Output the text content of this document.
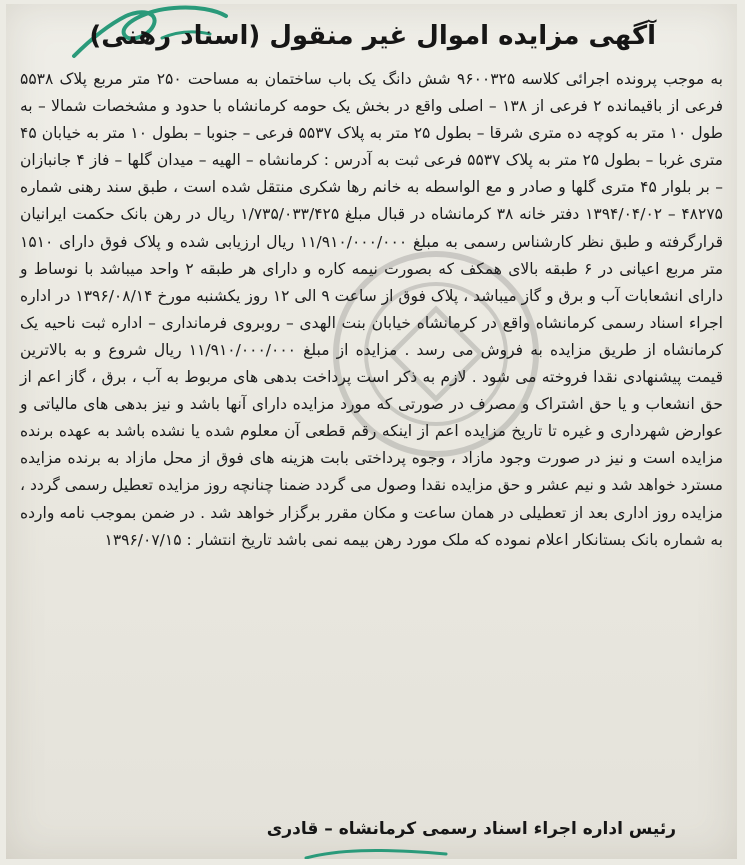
آگهی مزایده اموال غیر منقول (اسناد رهنی)

به موجب پرونده اجرائی کلاسه ۹۶۰۰۳۲۵ شش دانگ یک باب ساختمان به مساحت ۲۵۰ متر مربع پلاک ۵۵۳۸ فرعی از باقیمانده ۲ فرعی از ۱۳۸ – اصلی واقع در بخش یک حومه کرمانشاه با حدود و مشخصات شمالا – به طول ۱۰ متر به کوچه ده متری شرقا – بطول ۲۵ متر به پلاک ۵۵۳۷ فرعی – جنوبا – بطول ۱۰ متر به خیابان ۴۵ متری غربا – بطول ۲۵ متر به پلاک ۵۵۳۷ فرعی ثبت به آدرس : کرمانشاه – الهیه – میدان گلها – فاز ۴ جانبازان – بر بلوار ۴۵ متری گلها و صادر و مع الواسطه به خانم رها شکری منتقل شده است ، طبق سند رهنی شماره ۴۸۲۷۵ – ۱۳۹۴/۰۴/۰۲ دفتر خانه ۳۸ کرمانشاه در قبال مبلغ ۱/۷۳۵/۰۳۳/۴۲۵ ریال در رهن بانک حکمت ایرانیان قرارگرفته و طبق نظر کارشناس رسمی به مبلغ ۱۱/۹۱۰/۰۰۰/۰۰۰ ریال ارزیابی شده و پلاک فوق دارای ۱۵۱۰ متر مربع اعیانی در ۶ طبقه بالای همکف که بصورت نیمه کاره و دارای هر طبقه ۲ واحد میباشد با نوساط و دارای انشعابات آب و برق و گاز میباشد ، پلاک فوق از ساعت ۹ الی ۱۲ روز یکشنبه مورخ ۱۳۹۶/۰۸/۱۴ در اداره اجراء اسناد رسمی کرمانشاه واقع در کرمانشاه خیابان بنت الهدی – روبروی فرمانداری – اداره ثبت ناحیه یک کرمانشاه از طریق مزایده به فروش می رسد . مزایده از مبلغ ۱۱/۹۱۰/۰۰۰/۰۰۰ ریال شروع و به بالاترین قیمت پیشنهادی نقدا فروخته می شود . لازم به ذکر است پرداخت بدهی های مربوط به آب ، برق ، گاز اعم از حق انشعاب و یا حق اشتراک و مصرف در صورتی که مورد مزایده دارای آنها باشد و نیز بدهی های مالیاتی و عوارض شهرداری و غیره تا تاریخ مزایده اعم از اینکه رقم قطعی آن معلوم شده یا نشده باشد به عهده برنده مزایده است و نیز در صورت وجود مازاد ، وجوه پرداختی بابت هزینه های فوق از محل مازاد به برنده مزایده مسترد خواهد شد و نیم عشر و حق مزایده نقدا وصول می گردد ضمنا چنانچه روز مزایده تعطیل رسمی گردد ، مزایده روز اداری بعد از تعطیلی در همان ساعت و مکان مقرر برگزار خواهد شد . در ضمن بموجب نامه وارده به شماره بانک بستانکار اعلام نموده که ملک مورد رهن بیمه نمی باشد تاریخ انتشار : ۱۳۹۶/۰۷/۱۵

رئیس اداره اجراء اسناد رسمی کرمانشاه – قادری
